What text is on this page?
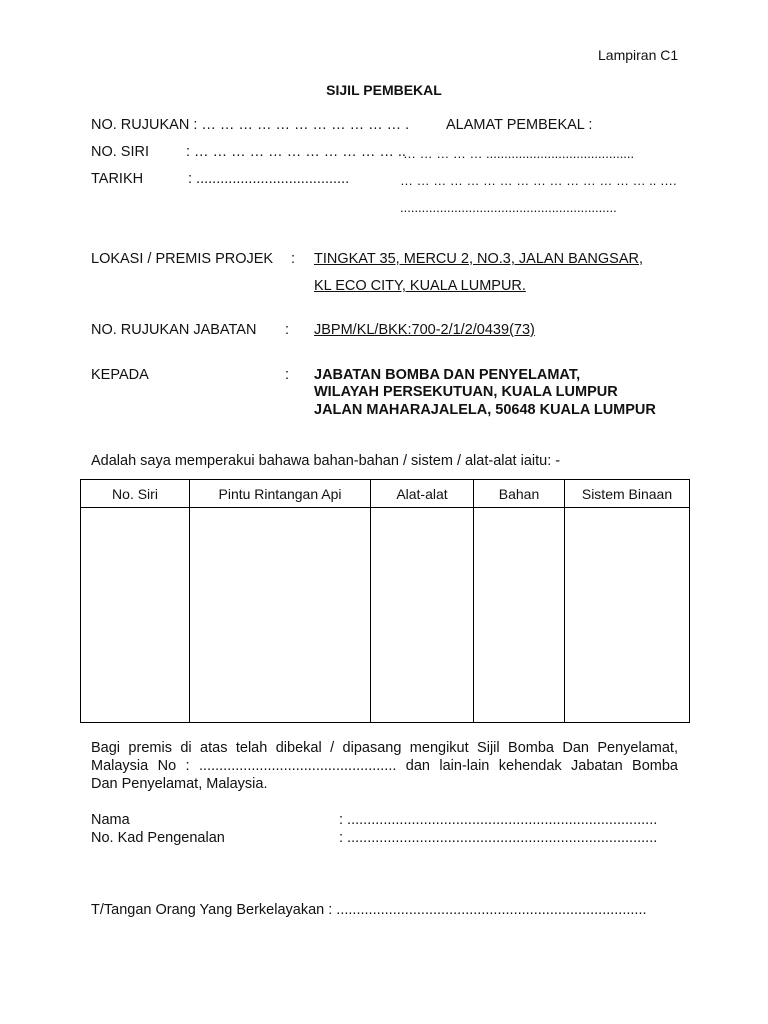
Lampiran C1
SIJIL PEMBEKAL
NO. RUJUKAN : … … … … … … … … … … … .
NO. SIRI	: … … … … … … … … … … … ..
TARIKH	: ......................................
ALAMAT PEMBEKAL :
… … … … … .........................................
… … … … … … … … … … … … … … … .. ….
............................................................
LOKASI / PREMIS PROJEK : TINGKAT 35, MERCU 2, NO.3, JALAN BANGSAR,
KL ECO CITY, KUALA LUMPUR.
NO. RUJUKAN JABATAN : JBPM/KL/BKK:700-2/1/2/0439(73)
KEPADA	: JABATAN BOMBA DAN PENYELAMAT,
WILAYAH PERSEKUTUAN, KUALA LUMPUR
JALAN MAHARAJALELA, 50648 KUALA LUMPUR
Adalah saya memperakui bahawa bahan-bahan / sistem / alat-alat iaitu: -
No. Siri	Pintu Rintangan Api	Alat-alat	Bahan	Sistem Binaan

Bagi premis di atas telah dibekal / dipasang mengikut Sijil Bomba Dan Penyelamat,
Malaysia No : ................................................. dan lain-lain kehendak Jabatan Bomba
Dan Penyelamat, Malaysia.
Nama	: .............................................................................
No. Kad Pengenalan	: .............................................................................
T/Tangan Orang Yang Berkelayakan : .............................................................................
